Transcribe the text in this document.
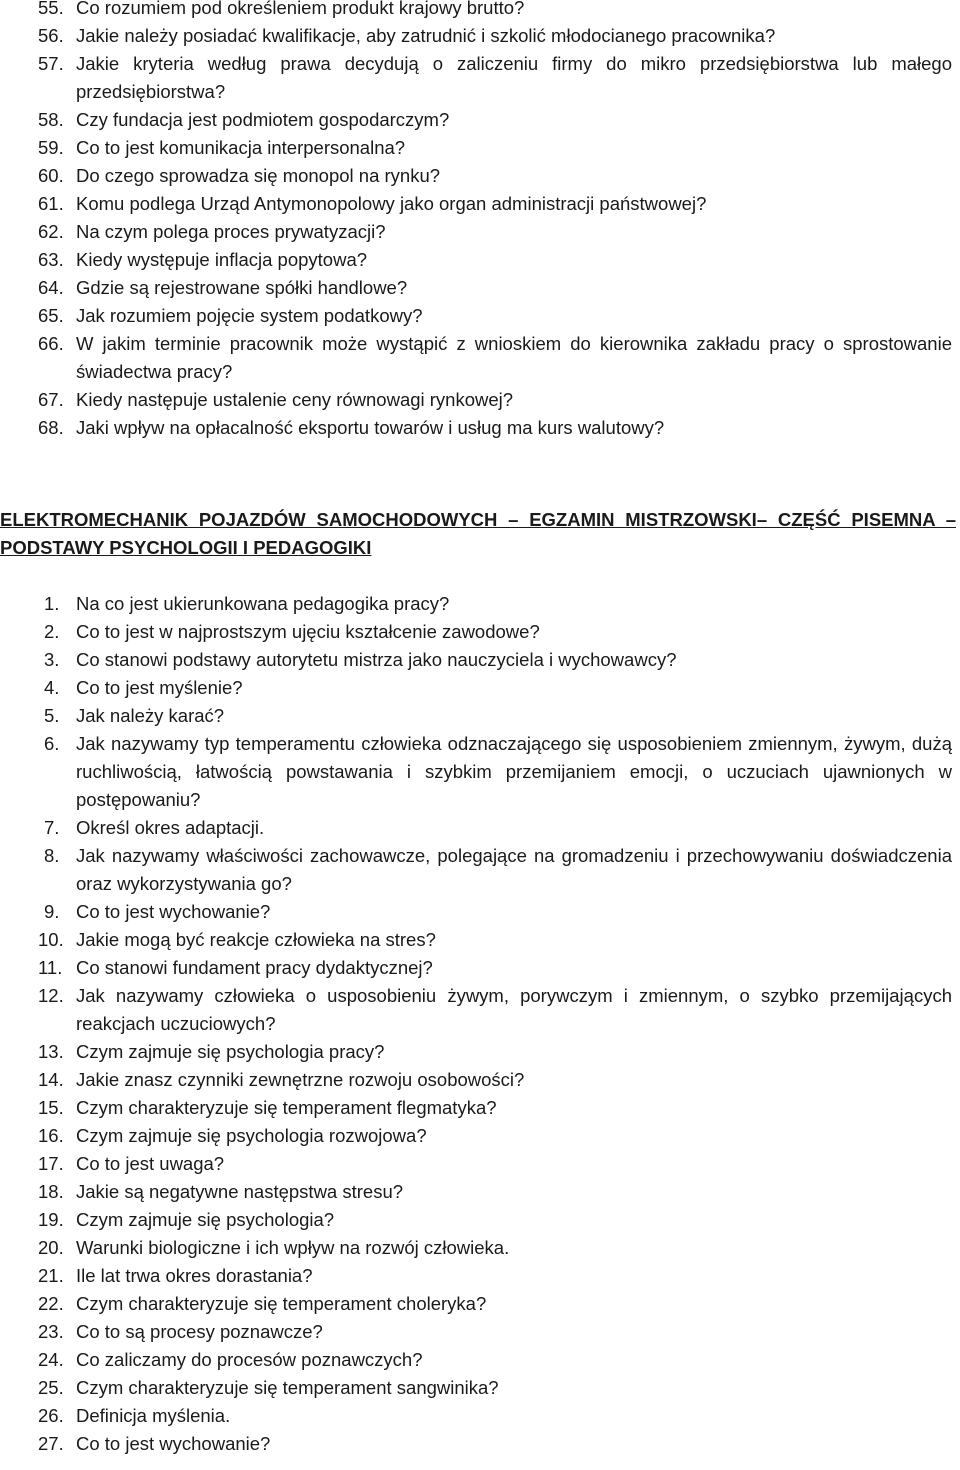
55. Co rozumiem pod określeniem produkt krajowy brutto?
56. Jakie należy posiadać kwalifikacje, aby zatrudnić i szkolić młodocianego pracownika?
57. Jakie kryteria według prawa decydują o zaliczeniu firmy do mikro przedsiębiorstwa lub małego przedsiębiorstwa?
58. Czy fundacja jest podmiotem gospodarczym?
59. Co to jest komunikacja interpersonalna?
60. Do czego sprowadza się monopol na rynku?
61. Komu podlega Urząd Antymonopolowy jako organ administracji państwowej?
62. Na czym polega proces prywatyzacji?
63. Kiedy występuje inflacja popytowa?
64. Gdzie są rejestrowane spółki handlowe?
65. Jak rozumiem pojęcie system podatkowy?
66. W jakim terminie pracownik może wystąpić z wnioskiem do kierownika zakładu pracy o sprostowanie świadectwa pracy?
67. Kiedy następuje ustalenie ceny równowagi rynkowej?
68. Jaki wpływ na opłacalność eksportu towarów i usług ma kurs walutowy?
ELEKTROMECHANIK POJAZDÓW SAMOCHODOWYCH – EGZAMIN MISTRZOWSKI– CZĘŚĆ PISEMNA – PODSTAWY PSYCHOLOGII I PEDAGOGIKI
1. Na co jest ukierunkowana pedagogika pracy?
2. Co to jest w najprostszym ujęciu kształcenie zawodowe?
3. Co stanowi podstawy autorytetu mistrza jako nauczyciela i wychowawcy?
4. Co to jest myślenie?
5. Jak należy karać?
6. Jak nazywamy typ temperamentu człowieka odznaczającego się usposobieniem zmiennym, żywym, dużą ruchliwością, łatwością powstawania i szybkim przemijaniem emocji, o uczuciach ujawnionych w postępowaniu?
7. Określ okres adaptacji.
8. Jak nazywamy właściwości zachowawcze, polegające na gromadzeniu i przechowywaniu doświadczenia oraz wykorzystywania go?
9. Co to jest wychowanie?
10. Jakie mogą być reakcje człowieka na stres?
11. Co stanowi fundament pracy dydaktycznej?
12. Jak nazywamy człowieka o usposobieniu żywym, porywczym i zmiennym, o szybko przemijających reakcjach uczuciowych?
13. Czym zajmuje się psychologia pracy?
14. Jakie znasz czynniki zewnętrzne rozwoju osobowości?
15. Czym charakteryzuje się temperament flegmatyka?
16. Czym zajmuje się psychologia rozwojowa?
17. Co to jest uwaga?
18. Jakie są negatywne następstwa stresu?
19. Czym zajmuje się psychologia?
20. Warunki biologiczne i ich wpływ na rozwój człowieka.
21. Ile lat trwa okres dorastania?
22. Czym charakteryzuje się temperament choleryka?
23. Co to są procesy poznawcze?
24. Co zaliczamy do procesów poznawczych?
25. Czym charakteryzuje się temperament sangwinika?
26. Definicja myślenia.
27. Co to jest wychowanie?
